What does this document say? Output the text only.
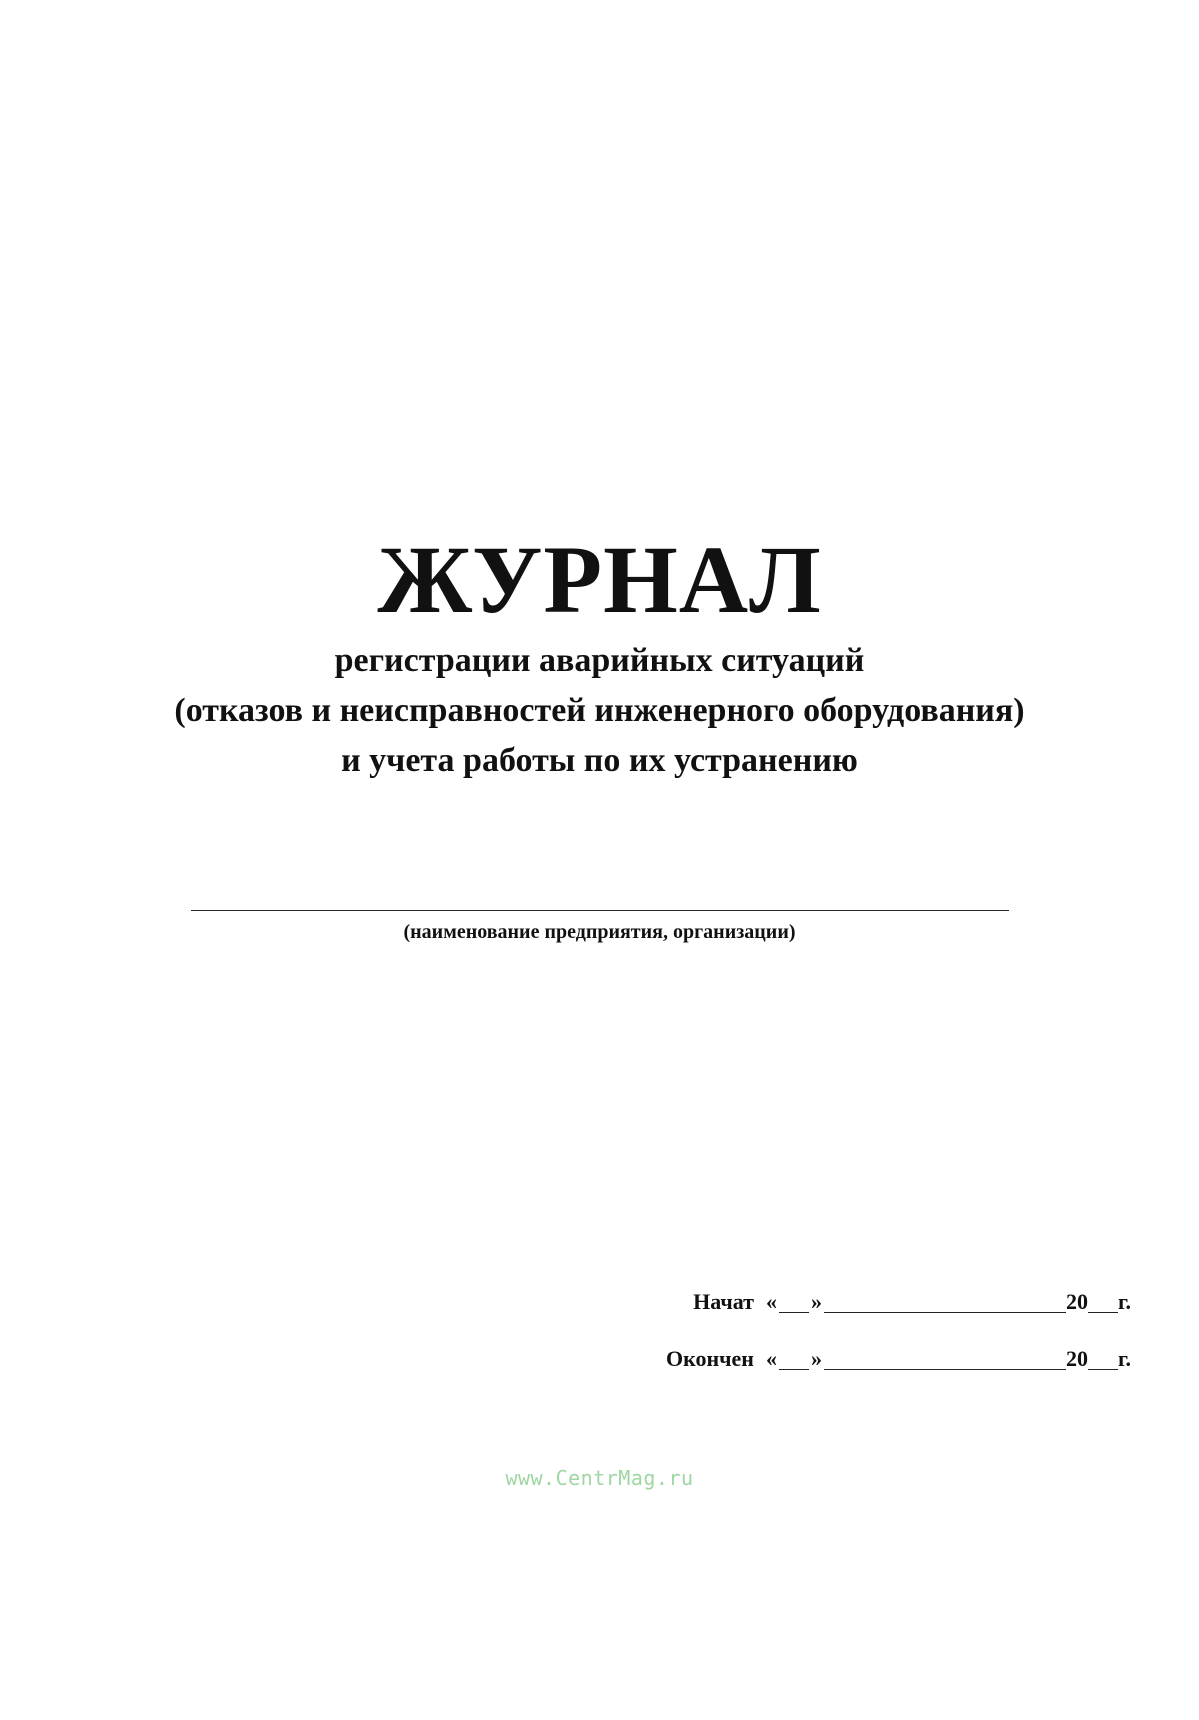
ЖУРНАЛ
регистрации аварийных ситуаций
(отказов и неисправностей инженерного оборудования)
и учета работы по их устранению
(наименование предприятия, организации)
Начат « »	20 г.
Окончен « »	20 г.
www.CentrMag.ru
